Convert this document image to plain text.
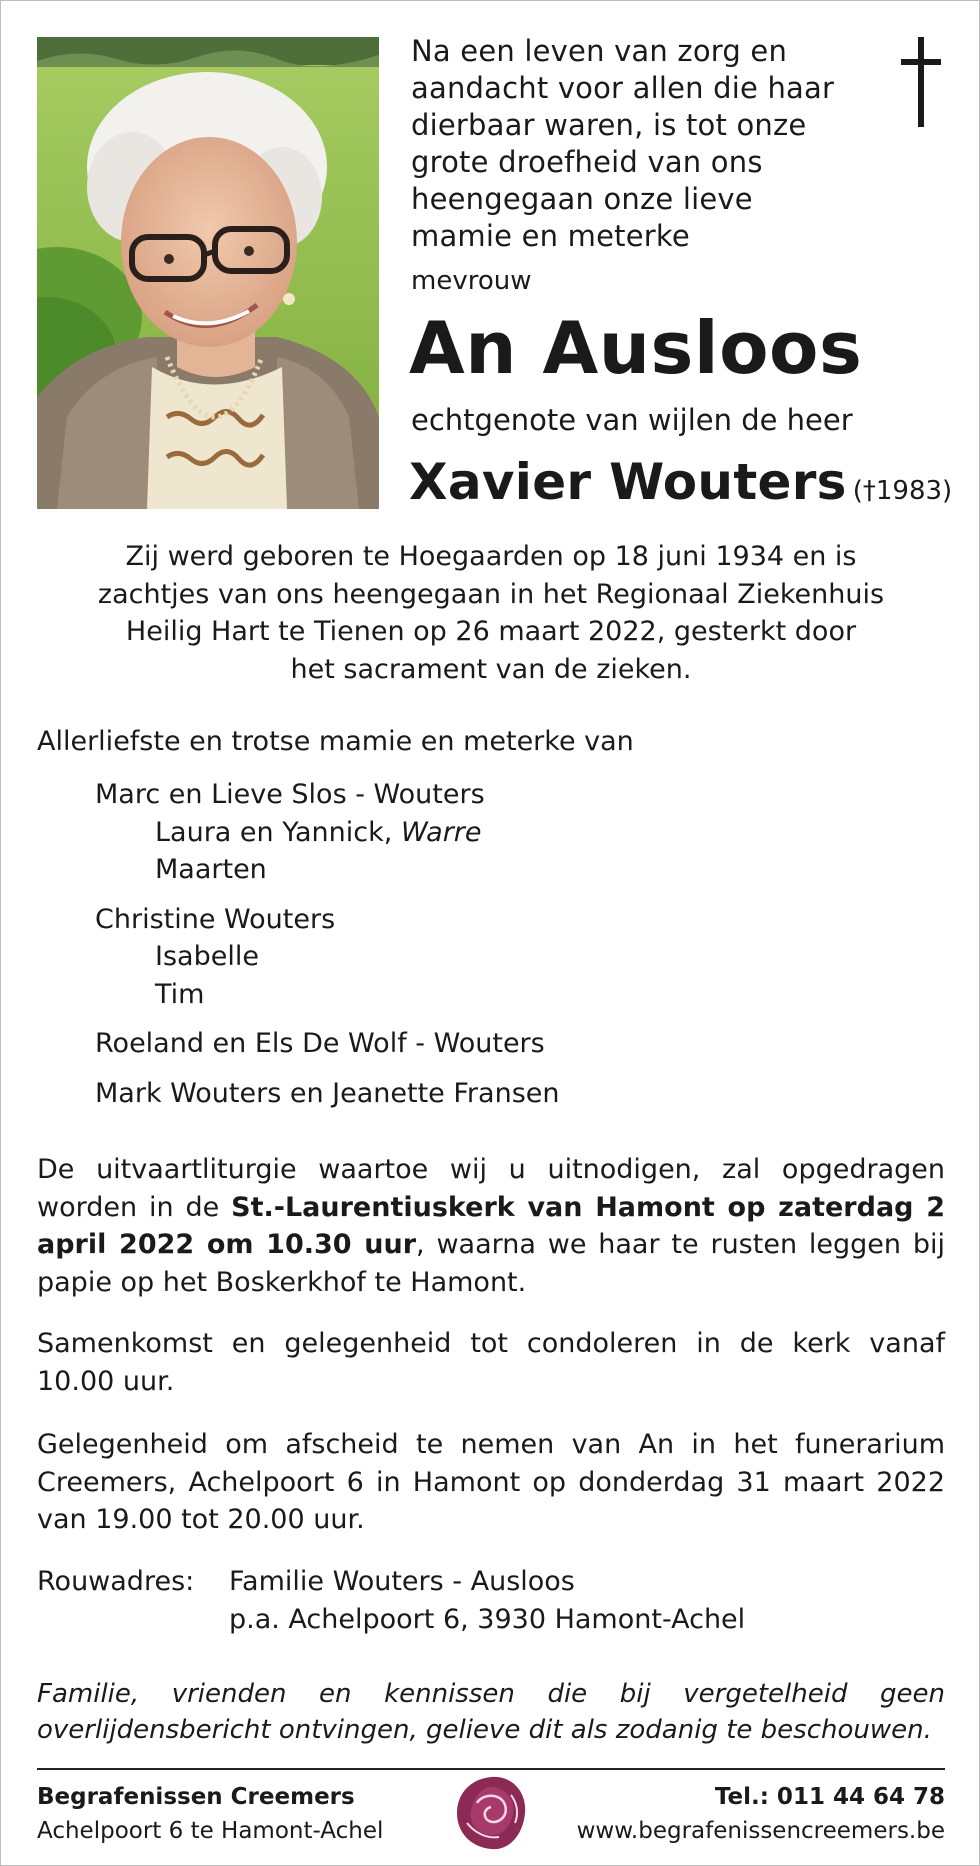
Na een leven van zorg en
aandacht voor allen die haar
dierbaar waren, is tot onze
grote droefheid van ons
heengegaan onze lieve
mamie en meterke
mevrouw
An Ausloos
echtgenote van wijlen de heer
Xavier Wouters (†1983)
Zij werd geboren te Hoegaarden op 18 juni 1934 en is
zachtjes van ons heengegaan in het Regionaal Ziekenhuis
Heilig Hart te Tienen op 26 maart 2022, gesterkt door
het sacrament van de zieken.
Allerliefste en trotse mamie en meterke van
Marc en Lieve Slos - Wouters
Laura en Yannick, Warre
Maarten
Christine Wouters
Isabelle
Tim
Roeland en Els De Wolf - Wouters
Mark Wouters en Jeanette Fransen
De uitvaartliturgie waartoe wij u uitnodigen, zal opgedragen worden in de St.-Laurentiuskerk van Hamont op zaterdag 2 april 2022 om 10.30 uur, waarna we haar te rusten leggen bij papie op het Boskerkhof te Hamont.
Samenkomst en gelegenheid tot condoleren in de kerk vanaf 10.00 uur.
Gelegenheid om afscheid te nemen van An in het funerarium Creemers, Achelpoort 6 in Hamont op donderdag 31 maart 2022 van 19.00 tot 20.00 uur.
Rouwadres: Familie Wouters - Ausloos
p.a. Achelpoort 6, 3930 Hamont-Achel
Familie, vrienden en kennissen die bij vergetelheid geen overlijdensbericht ontvingen, gelieve dit als zodanig te beschouwen.
Begrafenissen Creemers
Achelpoort 6 te Hamont-Achel
Tel.: 011 44 64 78
www.begrafenissencreemers.be
